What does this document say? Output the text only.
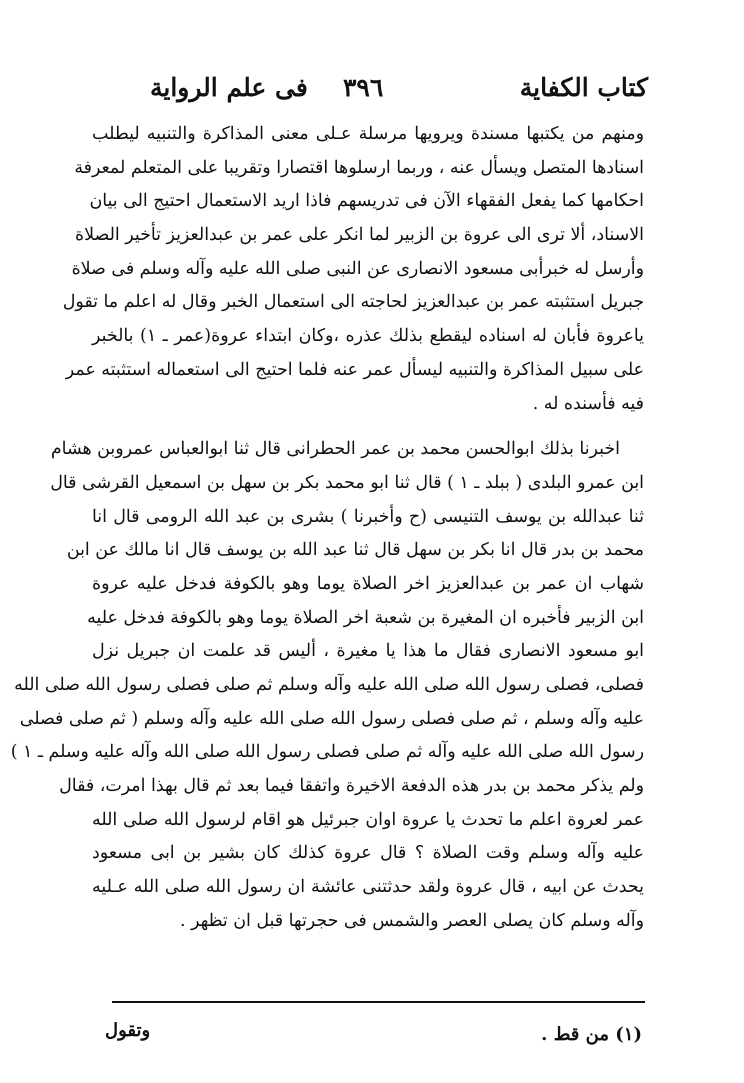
كتاب الكفاية
٣٩٦
فى علم الرواية
ومنهم من يكتبها مسندة ويرويها مرسلة عـلى معنى المذاكرة والتنبيه ليطلب
اسنادها المتصل ويسأل عنه ، وربما ارسلوها اقتصارا وتقريبا على المتعلم لمعرفة
احكامها كما يفعل الفقهاء الآن فى تدريسهم فاذا اريد الاستعمال احتيج الى بيان
الاسناد، ألا ترى الى عروة بن الزبير لما انكر على عمر بن عبدالعزيز تأخير الصلاة
وأرسل له خبرأبى مسعود الانصارى عن النبى صلى الله عليه وآله وسلم فى صلاة
جبريل استثبته عمر بن عبدالعزيز لحاجته الى استعمال الخبر وقال له اعلم ما تقول
ياعروة فأبان له اسناده ليقطع بذلك عذره ،وكان ابتداء عروة(عمر ـ ١) بالخبر
على سبيل المذاكرة والتنبيه ليسأل عمر عنه فلما احتيج الى استعماله استثبته عمر
فيه فأسنده له .
اخبرنا بذلك ابوالحسن محمد بن عمر الحطرانى قال ثنا ابوالعباس عمروبن هشام
ابن عمرو البلدى ( ببلد ـ ١ ) قال ثنا ابو محمد بكر بن سهل بن اسمعيل القرشى قال
ثنا عبدالله بن يوسف التنيسى (ح وأخبرنا ) بشرى بن عبد الله الرومى قال انا
محمد بن بدر قال انا بكر بن سهل قال ثنا عبد الله بن يوسف قال انا مالك عن ابن
شهاب ان عمر بن عبدالعزيز اخر الصلاة يوما وهو بالكوفة فدخل عليه عروة
ابن الزبير فأخبره ان المغيرة بن شعبة اخر الصلاة يوما وهو بالكوفة فدخل عليه
ابو مسعود الانصارى فقال ما هذا يا مغيرة ، أليس قد علمت ان جبريل نزل
فصلى، فصلى رسول الله صلى الله عليه وآله وسلم ثم صلى فصلى رسول الله صلى الله
عليه وآله وسلم ، ثم صلى فصلى رسول الله صلى الله عليه وآله وسلم ( ثم صلى فصلى
رسول الله صلى الله عليه وآله ثم صلى فصلى رسول الله صلى الله وآله عليه وسلم ـ ١ )
ولم يذكر محمد بن بدر هذه الدفعة الاخيرة واتفقا فيما بعد ثم قال بهذا امرت، فقال
عمر لعروة اعلم ما تحدث يا عروة اوان جبرئيل هو اقام لرسول الله صلى الله
عليه وآله وسلم وقت الصلاة ؟ قال عروة كذلك كان بشير بن ابى مسعود
يحدث عن ابيه ، قال عروة ولقد حدثتنى عائشة ان رسول الله صلى الله عـليه
وآله وسلم كان يصلى العصر والشمس فى حجرتها قبل ان تظهر .
(١) من قط .
وتقول
